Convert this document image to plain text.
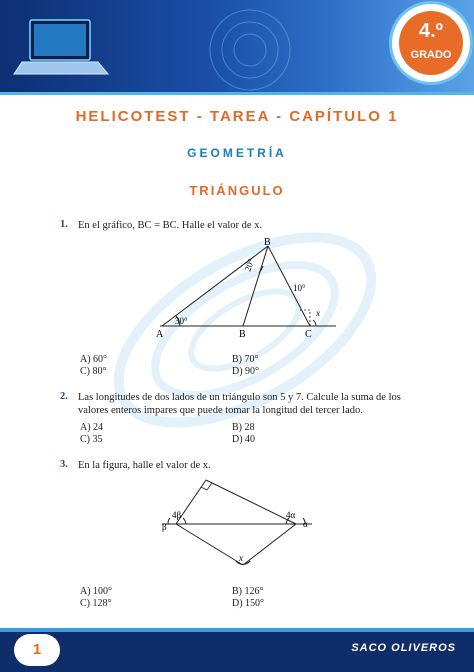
4.º
GRADO
HELICOTEST - TAREA - CAPÍTULO 1
GEOMETRÍA
TRIÁNGULO
1. En el gráfico, BC = BC. Halle el valor de x.
A
B
B	C
30°
20°
10°
x
A) 60°	B) 70°
C) 80°	D) 90°
2. Las longitudes de dos lados de un triángulo son 5 y 7. Calcule la suma de los
valores enteros impares que puede tomar la longitud del tercer lado.
A) 24	B) 28
C) 35	D) 40
3. En la figura, halle el valor de x.
4β
β
4α
α
x
A) 100°	B) 126°
C) 128°	D) 150°
1	SACO OLIVEROS
